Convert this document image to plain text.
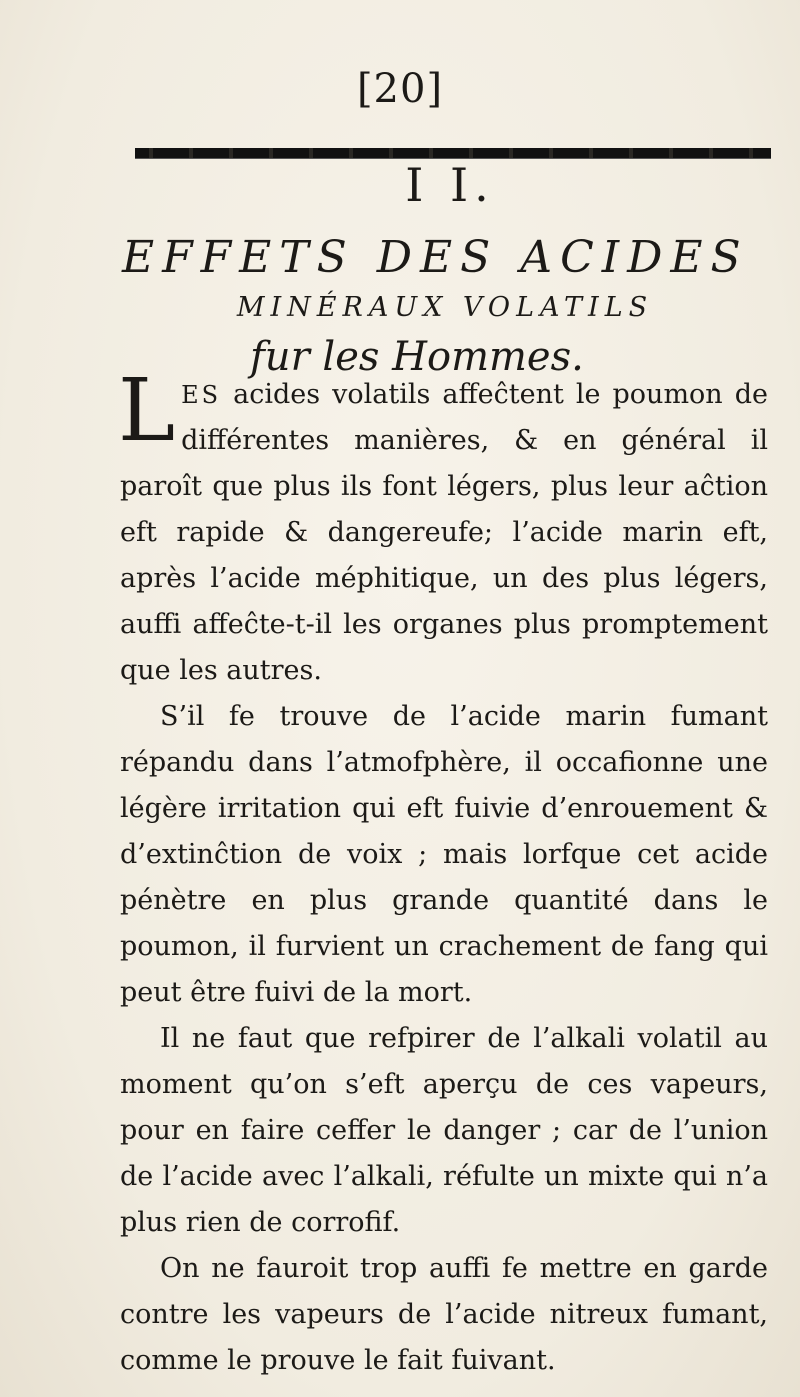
[20]
I I.
EFFETS DES ACIDES
MINÉRAUX VOLATILS
fur les Hommes.

LES acides volatils affeĉtent le poumon de différentes manières, & en général il paroît que plus ils font légers, plus leur aĉtion eft rapide & dangereufe; l’acide marin eft, après l’acide méphitique, un des plus légers, auffi affeĉte-t-il les organes plus promptement que les autres.

S’il fe trouve de l’acide marin fumant répandu dans l’atmofphère, il occafionne une légère irritation qui eft fuivie d’enrouement & d’extinĉtion de voix ; mais lorfque cet acide pénètre en plus grande quantité dans le poumon, il furvient un crachement de fang qui peut être fuivi de la mort.

Il ne faut que refpirer de l’alkali volatil au moment qu’on s’eft aperçu de ces vapeurs, pour en faire ceffer le danger ; car de l’union de l’acide avec l’alkali, réfulte un mixte qui n’a plus rien de corrofif.

On ne fauroit trop auffi fe mettre en garde contre les vapeurs de l’acide nitreux fumant, comme le prouve le fait fuivant.
